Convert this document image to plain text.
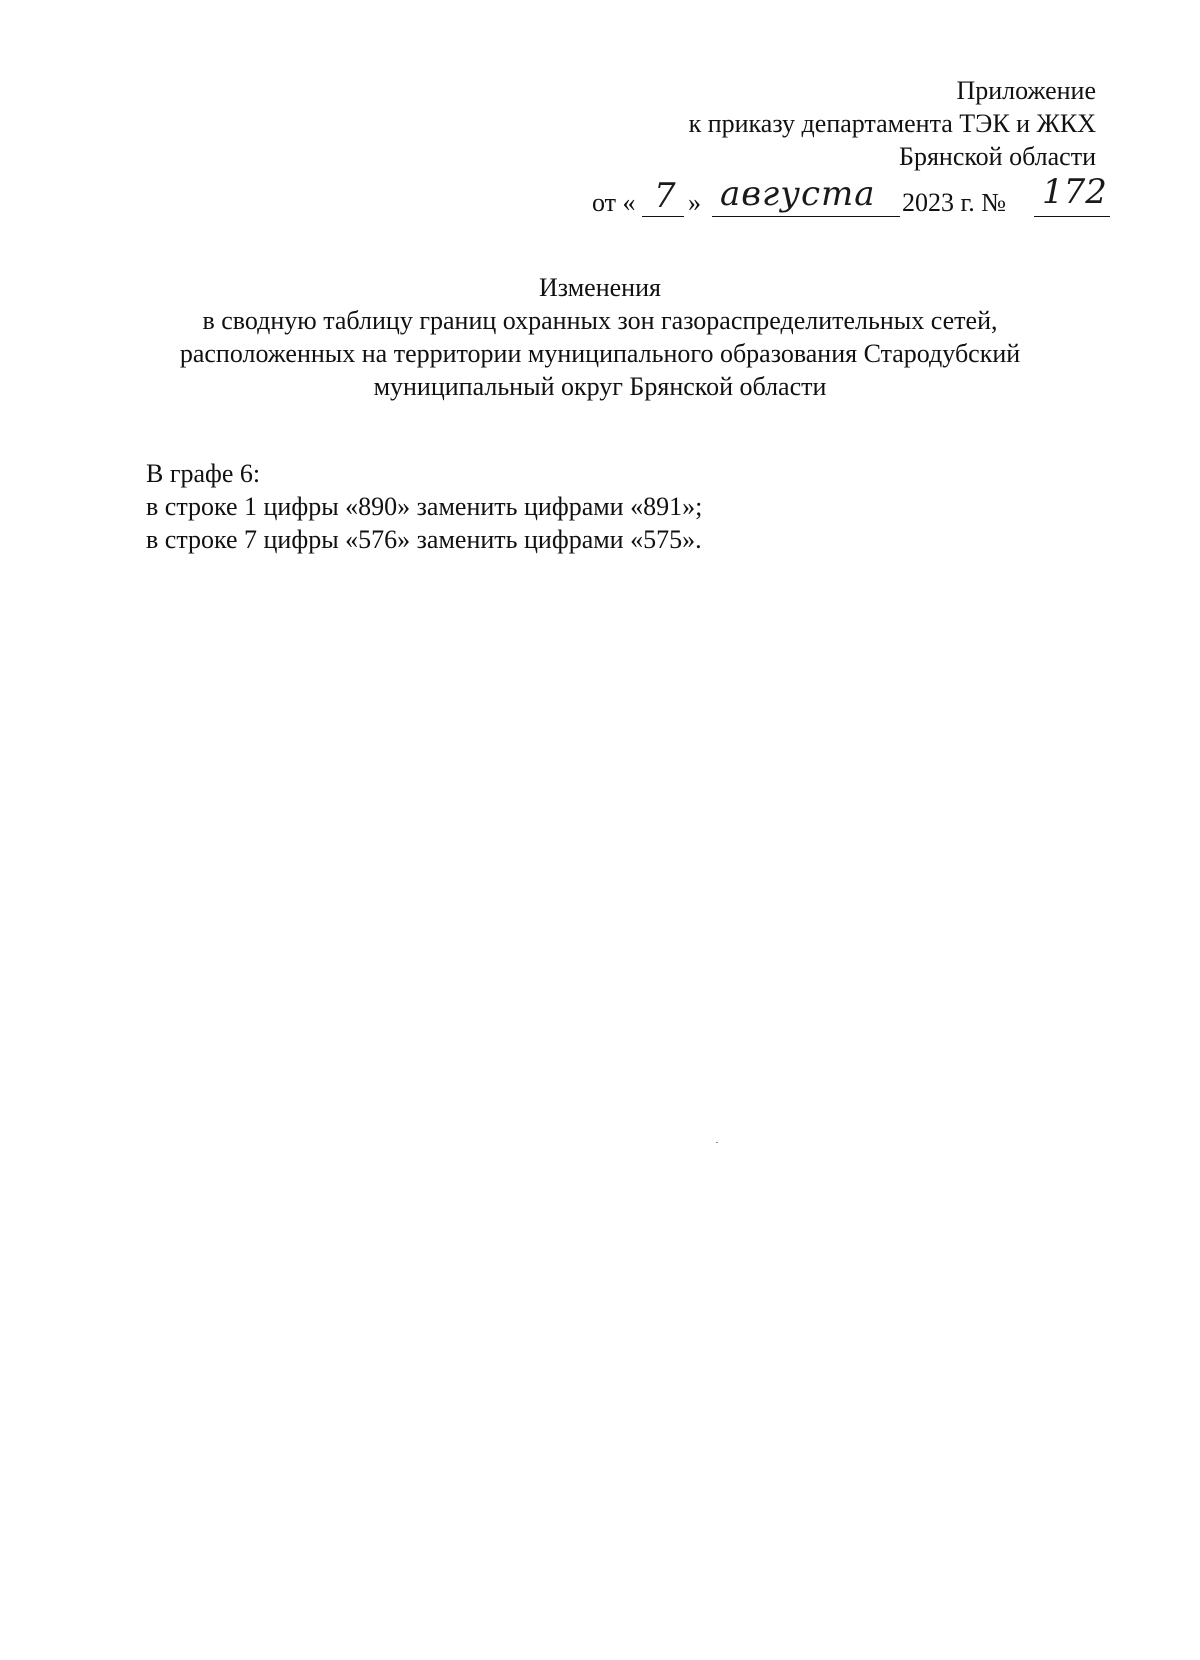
Приложение
к приказу департамента ТЭК и ЖКХ
Брянской области
от « 7 » августа 2023 г. № 172
Изменения
в сводную таблицу границ охранных зон газораспределительных сетей,
расположенных на территории муниципального образования Стародубский
муниципальный округ Брянской области
В графе 6:
в строке 1 цифры «890» заменить цифрами «891»;
в строке 7 цифры «576» заменить цифрами «575».
